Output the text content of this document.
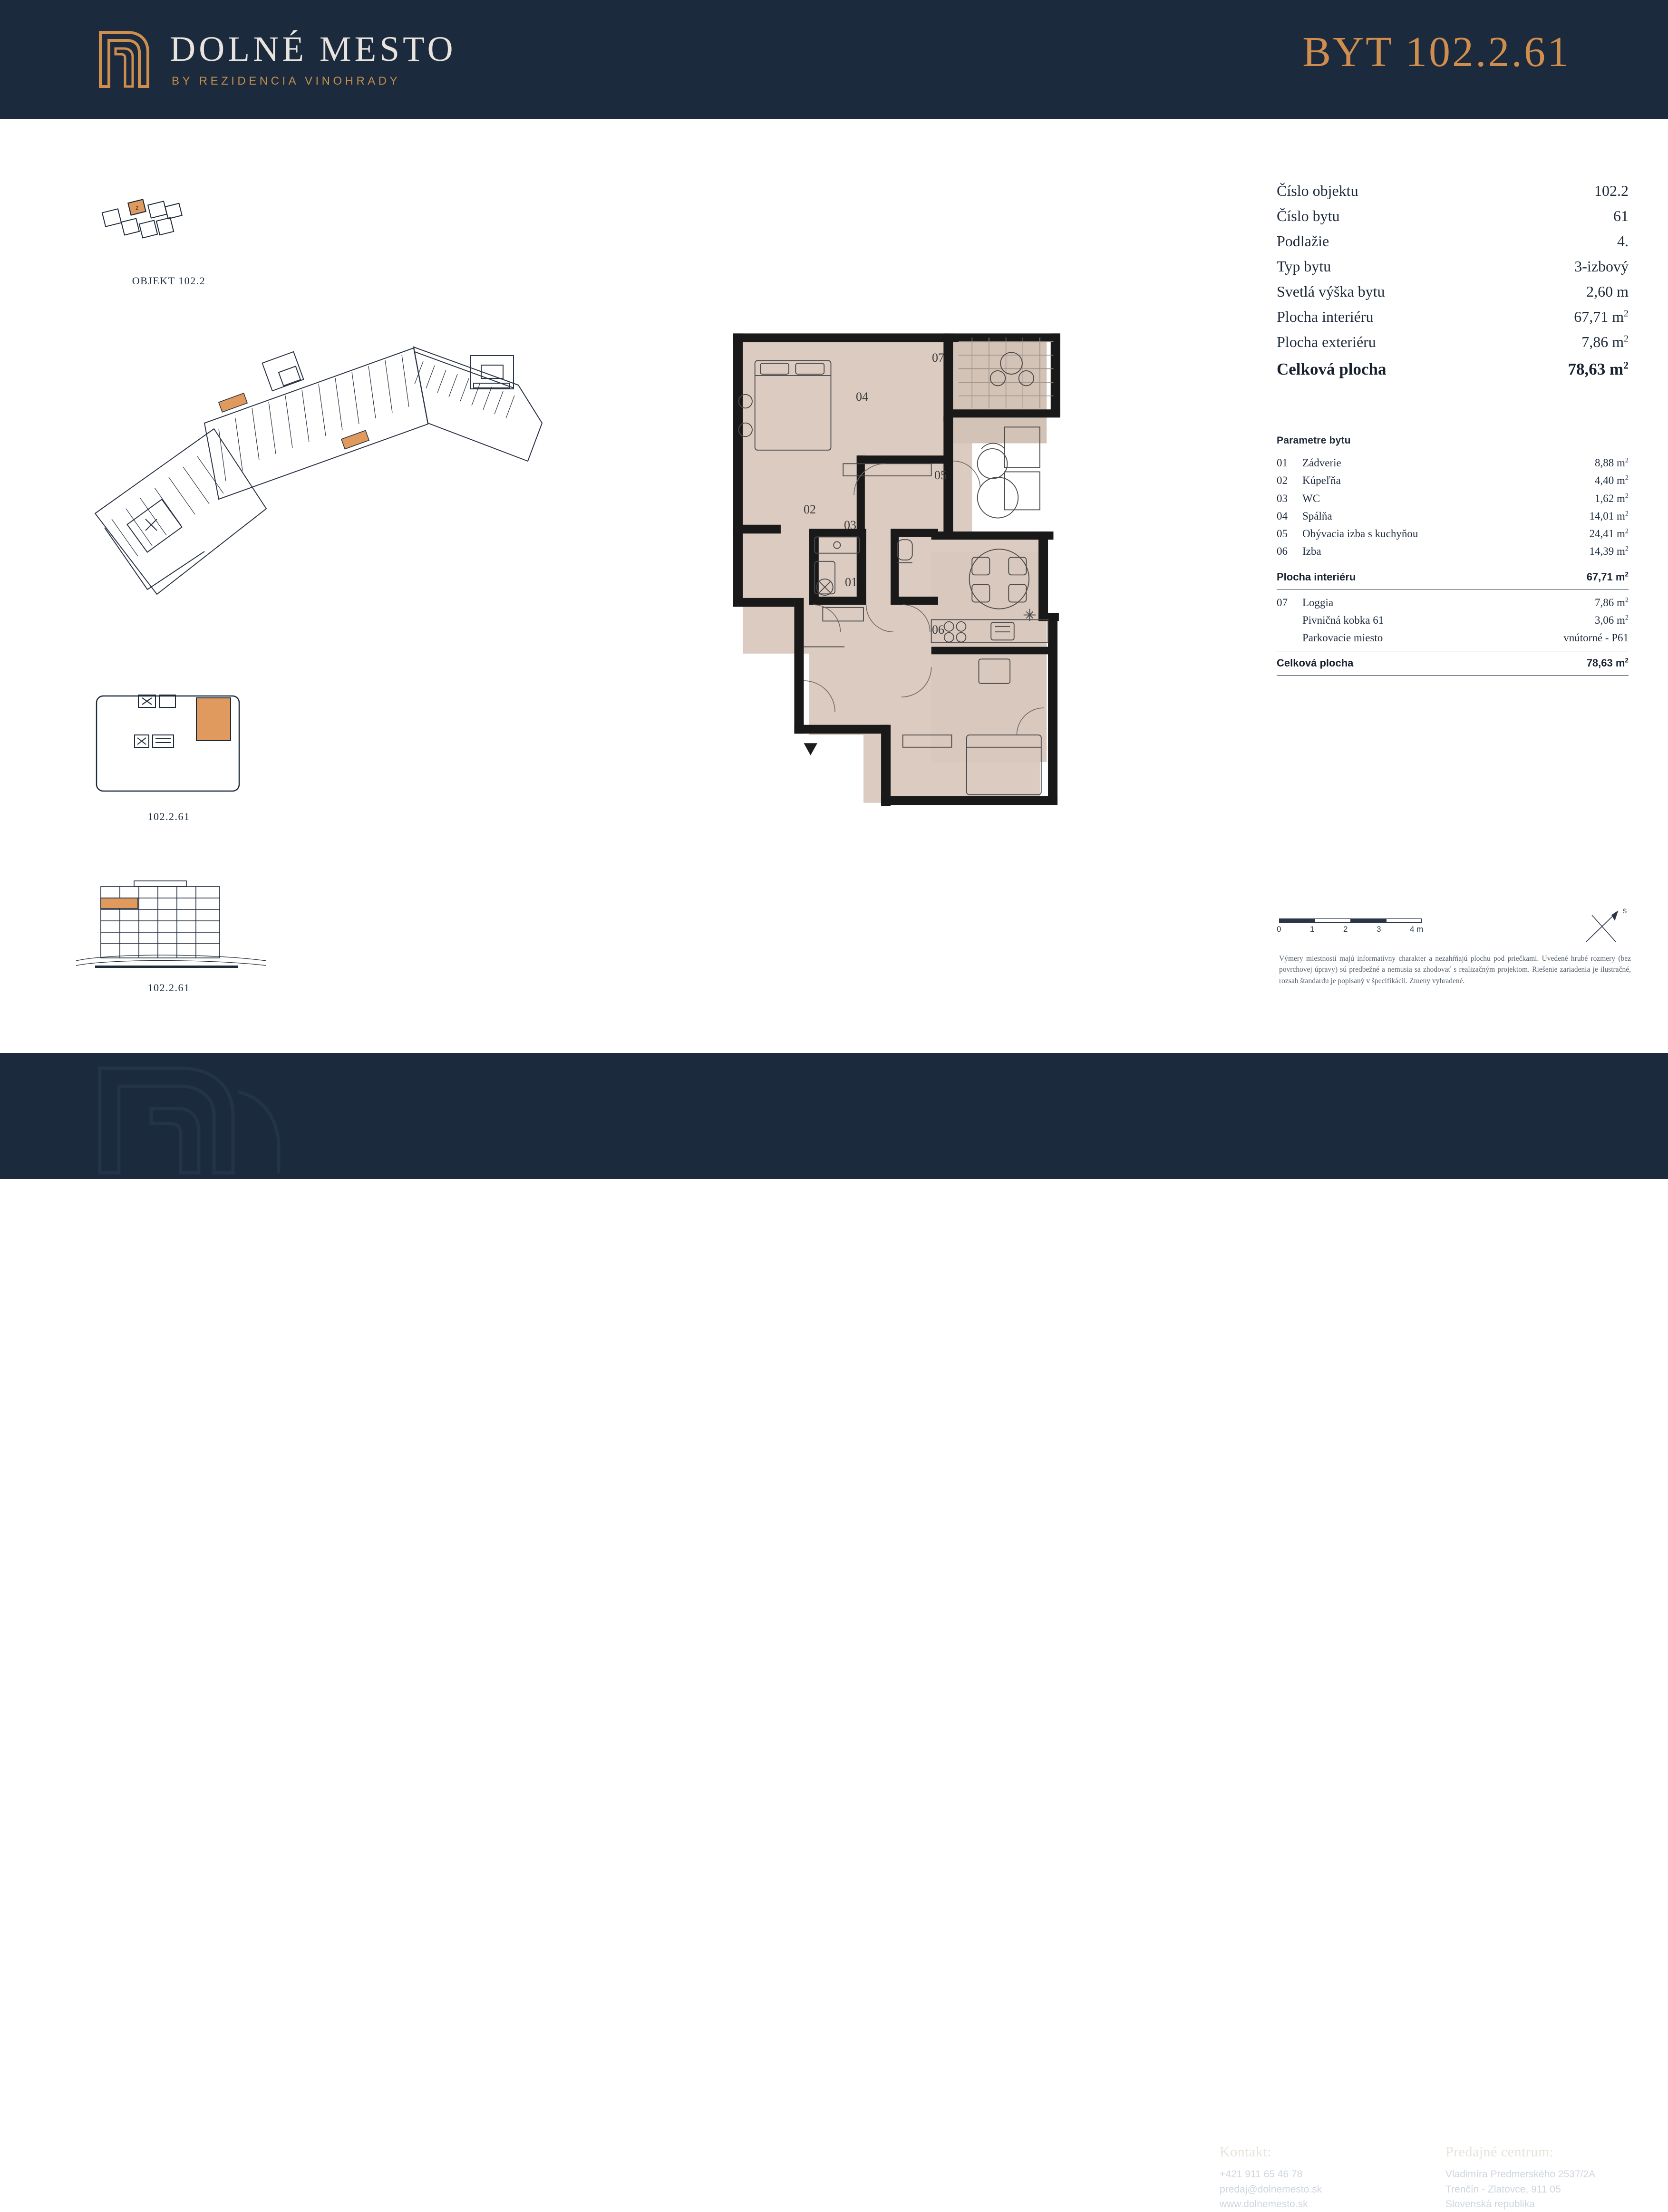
DOLNÉ MESTO
BY REZIDENCIA VINOHRADY
BYT 102.2.61
2
OBJEKT 102.2
102.2.61
102.2.61
01
02
03
04
05
06
07
Číslo objektu	102.2
Číslo bytu	61
Podlažie	4.
Typ bytu	3-izbový
Svetlá výška bytu	2,60 m
Plocha interiéru	67,71 $m^2$
Plocha exteriéru	7,86 $m^2$
Celková plocha	78,63 $m^2$
Parametre bytu
01	Zádverie	8,88 $m^2$
02	Kúpeľňa	4,40 $m^2$
03	WC	1,62 $m^2$
04	Spálňa	14,01 $m^2$
05	Obývacia izba s kuchyňou	24,41 $m^2$
06	Izba	14,39 $m^2$
Plocha interiéru	67,71 $m^2$
07	Loggia	7,86 $m^2$
Pivničná kobka 61	3,06 $m^2$
Parkovacie miesto	vnútorné - P61
Celková plocha	78,63 $m^2$
0	1	2	3	4 m
S
Výmery miestností majú informatívny charakter a nezahŕňajú plochu pod priečkami. Uvedené hrubé rozmery (bez povrchovej úpravy) sú predbežné a nemusia sa zhodovať s realizačným projektom. Riešenie zariadenia je ilustračné, rozsah štandardu je popísaný v špecifikácii. Zmeny vyhradené.
Kontakt:
+421 911 65 46 78
predaj@dolnemesto.sk
www.dolnemesto.sk
Predajné centrum:
Vladimíra Predmerského 2537/2A
Trenčín - Zlatovce, 911 05
Slovenská republika
